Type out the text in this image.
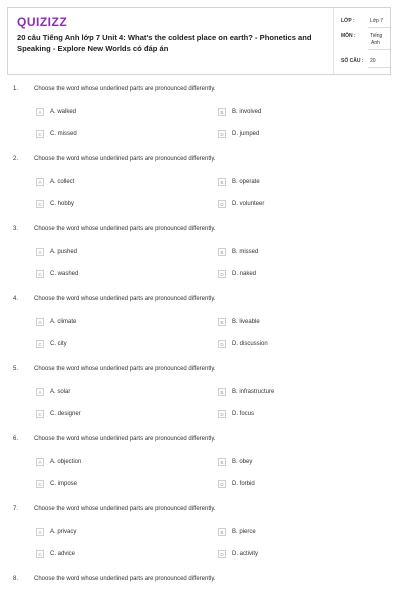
QUIZIZZ
20 câu Tiếng Anh lớp 7 Unit 4: What's the coldest place on earth? - Phonetics and Speaking - Explore New Worlds có đáp án
LỚP :	Lớp 7
MÔN :	Tiếng
Anh
SỐ CÂU : 20
1.	Choose the word whose underlined parts are pronounced differently.
A	A. walked	B	B. involved
C	C. missed	D	D. jumped
2.	Choose the word whose underlined parts are pronounced differently.
A	A. collect	B	B. operate
C	C. hobby	D	D. volunteer
3.	Choose the word whose underlined parts are pronounced differently.
A	A. pushed	B	B. missed
C	C. washed	D	D. naked
4.	Choose the word whose underlined parts are pronounced differently.
A	A. climate	B	B. liveable
C	C. city	D	D. discussion
5.	Choose the word whose underlined parts are pronounced differently.
A	A. solar	B	B. infrastructure
C	C. designer	D	D. focus
6.	Choose the word whose underlined parts are pronounced differently.
A	A. objection	B	B. obey
C	C. impose	D	D. forbid
7.	Choose the word whose underlined parts are pronounced differently.
A	A. privacy	B	B. pierce
C	C. advice	D	D. activity
8.	Choose the word whose underlined parts are pronounced differently.
